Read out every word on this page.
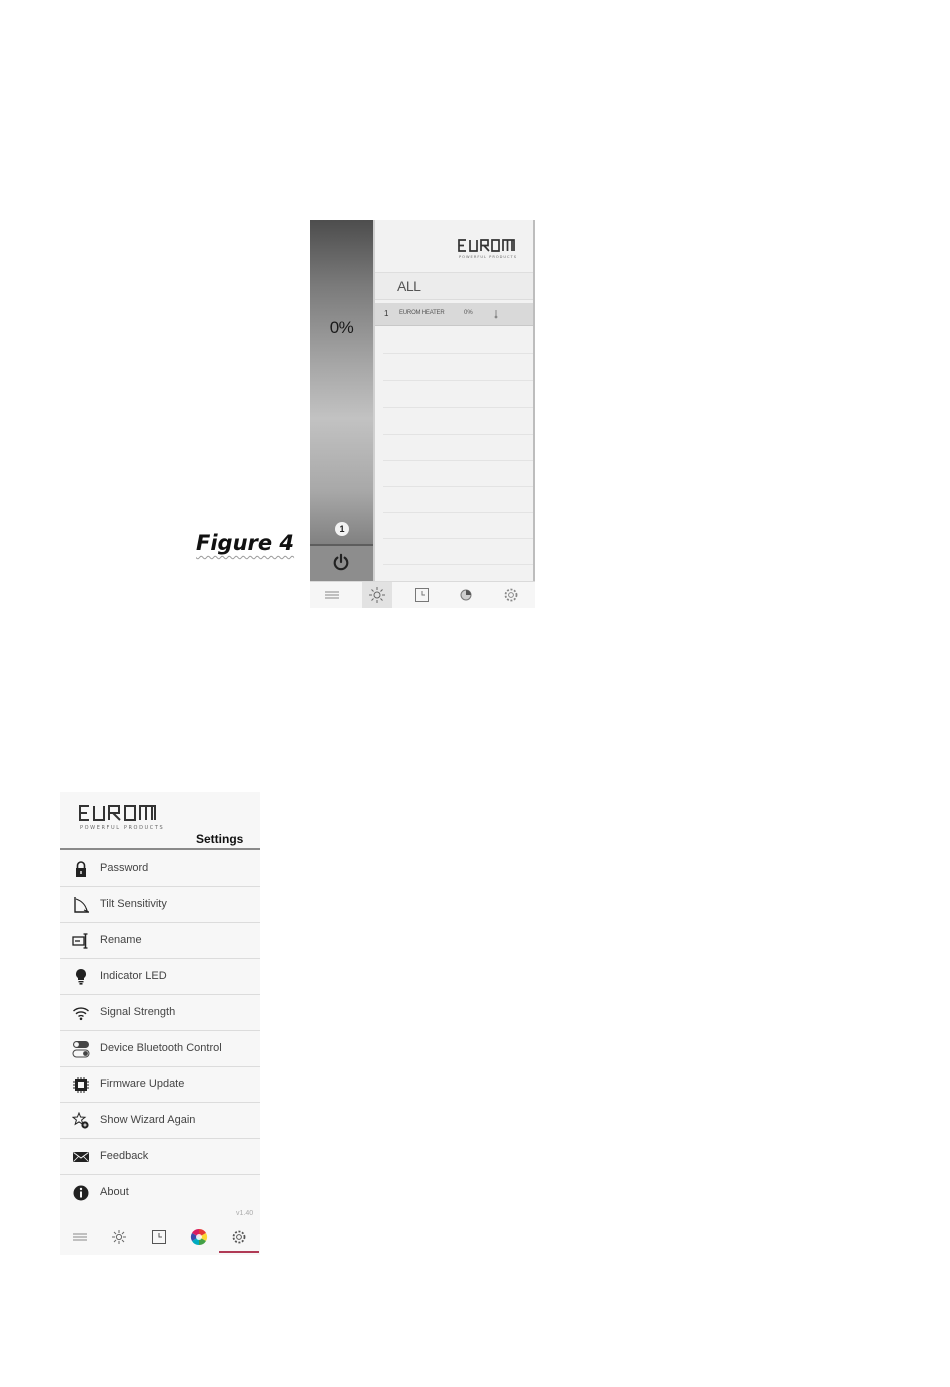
Figure 4
0%
1
POWERFUL PRODUCTS
ALL
1 EUROM HEATER	0%
POWERFUL PRODUCTS
Settings
Password
Tilt Sensitivity
Rename
Indicator LED
Signal Strength
Device Bluetooth Control
Firmware Update
Show Wizard Again
Feedback
About
v1.40
